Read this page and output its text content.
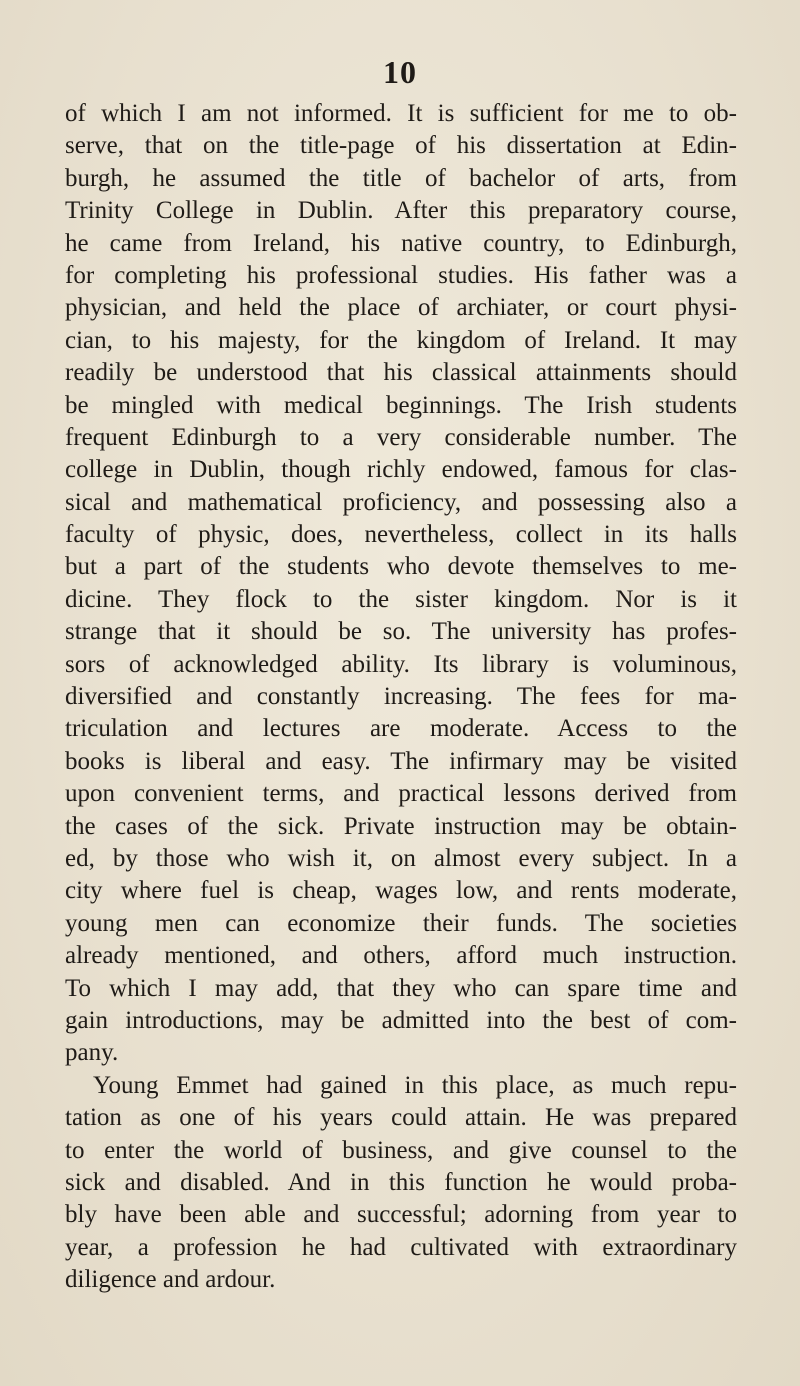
10
of which I am not informed. It is sufficient for me to ob-
serve, that on the title-page of his dissertation at Edin-
burgh, he assumed the title of bachelor of arts, from
Trinity College in Dublin. After this preparatory course,
he came from Ireland, his native country, to Edinburgh,
for completing his professional studies. His father was a
physician, and held the place of archiater, or court physi-
cian, to his majesty, for the kingdom of Ireland. It may
readily be understood that his classical attainments should
be mingled with medical beginnings. The Irish students
frequent Edinburgh to a very considerable number. The
college in Dublin, though richly endowed, famous for clas-
sical and mathematical proficiency, and possessing also a
faculty of physic, does, nevertheless, collect in its halls
but a part of the students who devote themselves to me-
dicine. They flock to the sister kingdom. Nor is it
strange that it should be so. The university has profes-
sors of acknowledged ability. Its library is voluminous,
diversified and constantly increasing. The fees for ma-
triculation and lectures are moderate. Access to the
books is liberal and easy. The infirmary may be visited
upon convenient terms, and practical lessons derived from
the cases of the sick. Private instruction may be obtain-
ed, by those who wish it, on almost every subject. In a
city where fuel is cheap, wages low, and rents moderate,
young men can economize their funds. The societies
already mentioned, and others, afford much instruction.
To which I may add, that they who can spare time and
gain introductions, may be admitted into the best of com-
pany.
Young Emmet had gained in this place, as much repu-
tation as one of his years could attain. He was prepared
to enter the world of business, and give counsel to the
sick and disabled. And in this function he would proba-
bly have been able and successful; adorning from year to
year, a profession he had cultivated with extraordinary
diligence and ardour.
